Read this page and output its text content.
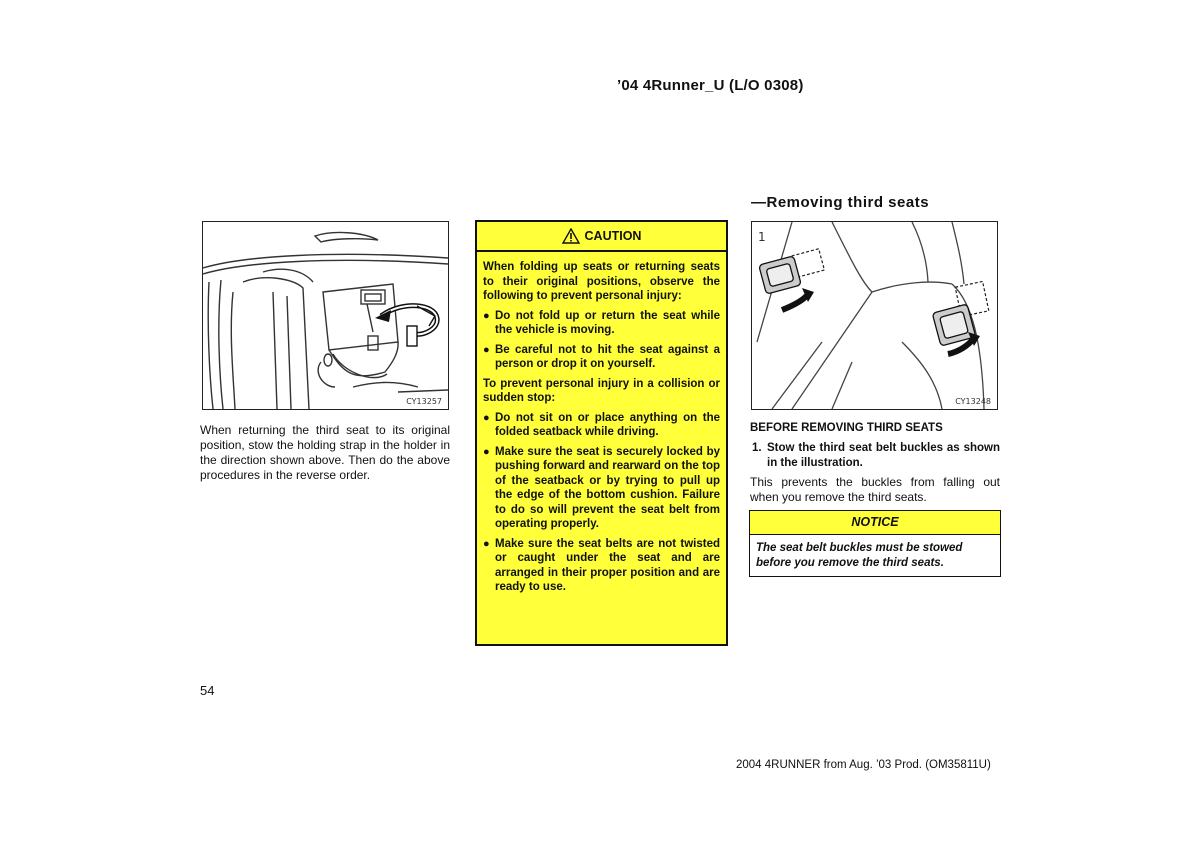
’04 4Runner_U (L/O 0308)
CY13257
When returning the third seat to its original position, stow the holding strap in the holder in the direction shown above. Then do the above procedures in the reverse order.
CAUTION

When folding up seats or returning seats to their original positions, observe the following to prevent personal injury:

● Do not fold up or return the seat while the vehicle is moving.
● Be careful not to hit the seat against a person or drop it on yourself.

To prevent personal injury in a collision or sudden stop:

● Do not sit on or place anything on the folded seatback while driving.
● Make sure the seat is securely locked by pushing forward and rearward on the top of the seatback or by trying to pull up the edge of the bottom cushion. Failure to do so will prevent the seat belt from operating properly.
● Make sure the seat belts are not twisted or caught under the seat and are arranged in their proper position and are ready to use.
—Removing third seats
1
CY13248
BEFORE REMOVING THIRD SEATS
1. Stow the third seat belt buckles as shown in the illustration.
This prevents the buckles from falling out when you remove the third seats.
NOTICE
The seat belt buckles must be stowed before you remove the third seats.
54
2004 4RUNNER from Aug. ’03 Prod. (OM35811U)
